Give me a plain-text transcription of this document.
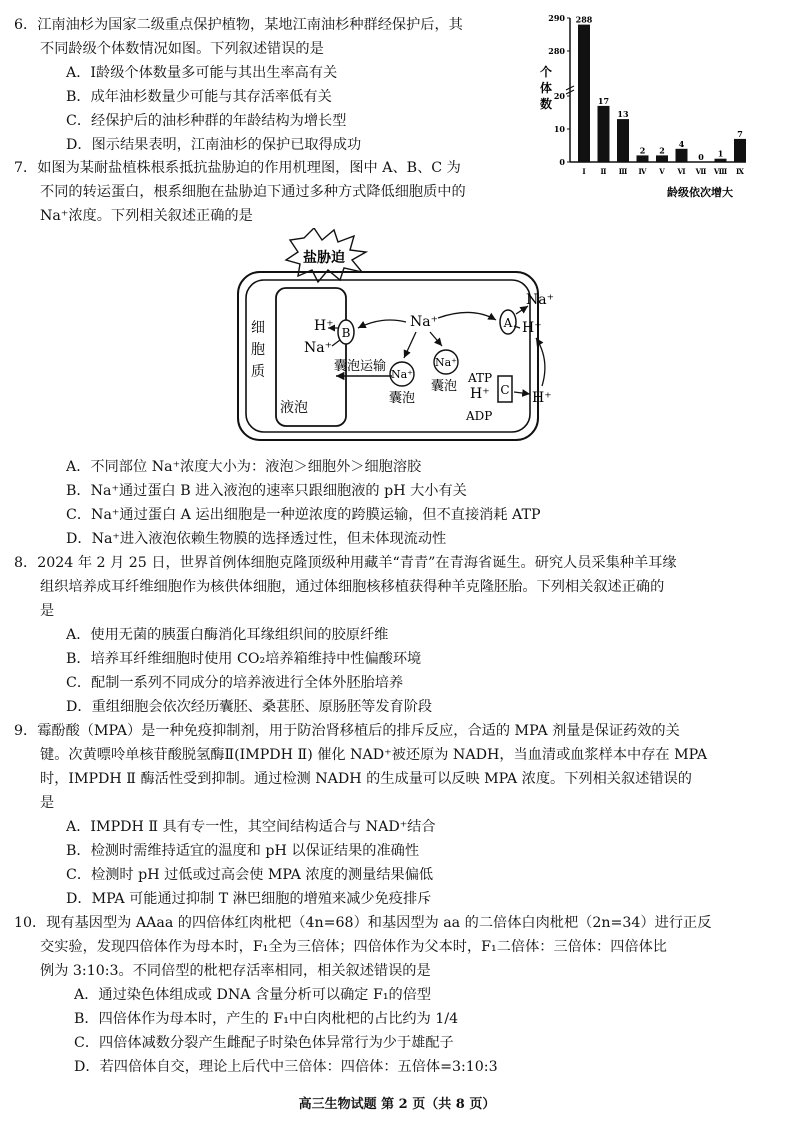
6．江南油杉为国家二级重点保护植物，某地江南油杉种群经保护后，其
不同龄级个体数情况如图。下列叙述错误的是
A．Ⅰ龄级个体数量多可能与其出生率高有关
B．成年油杉数量少可能与其存活率低有关
C．经保护后的油杉种群的年龄结构为增长型
D．图示结果表明，江南油杉的保护已取得成功
290
280
20
10
0
个
体
数
288
Ⅰ
17
Ⅱ
13
Ⅲ
2
Ⅳ
2
Ⅴ
4
Ⅵ
0
Ⅶ
1
Ⅷ
7
Ⅸ
龄级依次增大
7．如图为某耐盐植株根系抵抗盐胁迫的作用机理图，图中 A、B、C 为
不同的转运蛋白，根系细胞在盐胁迫下通过多种方式降低细胞质中的
Na⁺浓度。下列相关叙述正确的是
盐胁迫
细
胞
质
液泡
B
H⁺
Na⁺
Na⁺
Na⁺
囊泡
Na⁺
囊泡
囊泡运输
A
Na⁺
H⁺
C
ATP
H⁺
ADP
H⁺
A．不同部位 Na⁺浓度大小为：液泡＞细胞外＞细胞溶胶
B．Na⁺通过蛋白 B 进入液泡的速率只跟细胞液的 pH 大小有关
C．Na⁺通过蛋白 A 运出细胞是一种逆浓度的跨膜运输，但不直接消耗 ATP
D．Na⁺进入液泡依赖生物膜的选择透过性，但未体现流动性
8．2024 年 2 月 25 日，世界首例体细胞克隆顶级种用藏羊“青青”在青海省诞生。研究人员采集种羊耳缘
组织培养成耳纤维细胞作为核供体细胞，通过体细胞核移植获得种羊克隆胚胎。下列相关叙述正确的
是
A．使用无菌的胰蛋白酶消化耳缘组织间的胶原纤维
B．培养耳纤维细胞时使用 CO₂培养箱维持中性偏酸环境
C．配制一系列不同成分的培养液进行全体外胚胎培养
D．重组细胞会依次经历囊胚、桑葚胚、原肠胚等发育阶段
9．霉酚酸（MPA）是一种免疫抑制剂，用于防治肾移植后的排斥反应，合适的 MPA 剂量是保证药效的关
键。次黄嘌呤单核苷酸脱氢酶Ⅱ(IMPDH Ⅱ) 催化 NAD⁺被还原为 NADH，当血清或血浆样本中存在 MPA
时，IMPDH Ⅱ 酶活性受到抑制。通过检测 NADH 的生成量可以反映 MPA 浓度。下列相关叙述错误的
是
A．IMPDH Ⅱ 具有专一性，其空间结构适合与 NAD⁺结合
B．检测时需维持适宜的温度和 pH 以保证结果的准确性
C．检测时 pH 过低或过高会使 MPA 浓度的测量结果偏低
D．MPA 可能通过抑制 T 淋巴细胞的增殖来减少免疫排斥
10．现有基因型为 AAaa 的四倍体红肉枇杷（4n=68）和基因型为 aa 的二倍体白肉枇杷（2n=34）进行正反
交实验，发现四倍体作为母本时，F₁全为三倍体；四倍体作为父本时，F₁二倍体：三倍体：四倍体比
例为 3:10:3。不同倍型的枇杷存活率相同，相关叙述错误的是
A．通过染色体组成或 DNA 含量分析可以确定 F₁的倍型
B．四倍体作为母本时，产生的 F₁中白肉枇杷的占比约为 1/4
C．四倍体减数分裂产生雌配子时染色体异常行为少于雄配子
D．若四倍体自交，理论上后代中三倍体：四倍体：五倍体=3:10:3
高三生物试题 第 2 页（共 8 页）
